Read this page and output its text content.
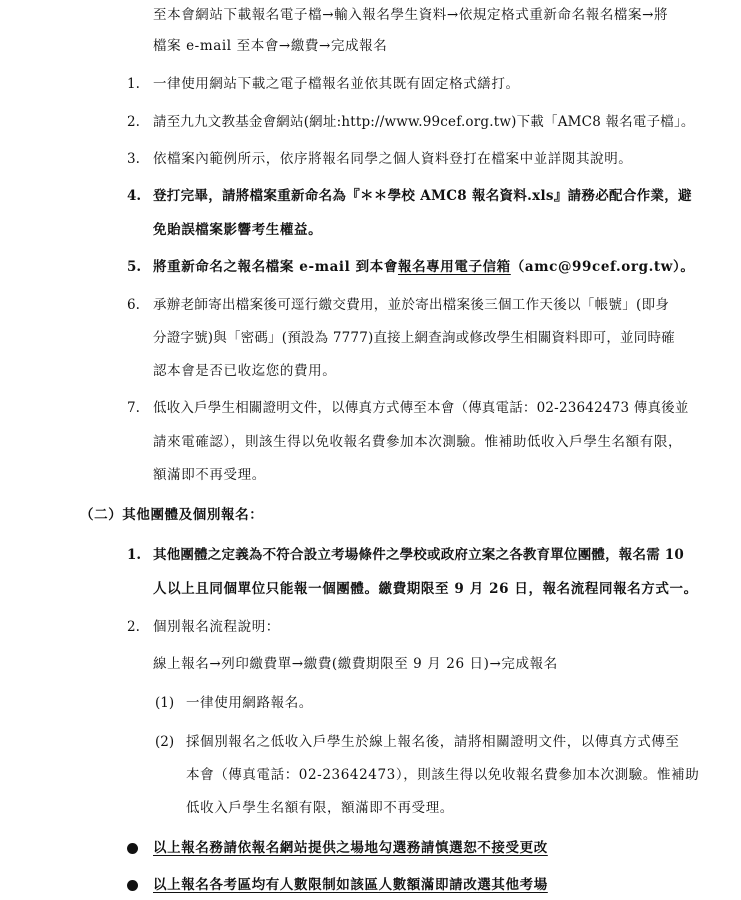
至本會網站下載報名電子檔→輸入報名學生資料→依規定格式重新命名報名檔案→將
檔案 e-mail 至本會→繳費→完成報名
1. 一律使用網站下載之電子檔報名並依其既有固定格式繕打。
2. 請至九九文教基金會網站(網址:http://www.99cef.org.tw)下載「AMC8 報名電子檔」。
3. 依檔案內範例所示，依序將報名同學之個人資料登打在檔案中並詳閱其說明。
4. 登打完畢，請將檔案重新命名為『＊＊學校 AMC8 報名資料.xls』請務必配合作業，避
免貽誤檔案影響考生權益。
5. 將重新命名之報名檔案 e-mail 到本會報名專用電子信箱（amc@99cef.org.tw）。
6. 承辦老師寄出檔案後可逕行繳交費用，並於寄出檔案後三個工作天後以「帳號」(即身
分證字號)與「密碼」(預設為 7777)直接上網查詢或修改學生相關資料即可，並同時確
認本會是否已收迄您的費用。
7. 低收入戶學生相關證明文件，以傳真方式傳至本會（傳真電話：02-23642473 傳真後並
請來電確認），則該生得以免收報名費參加本次測驗。惟補助低收入戶學生名額有限，
額滿即不再受理。
（二）其他團體及個別報名：
1. 其他團體之定義為不符合設立考場條件之學校或政府立案之各教育單位團體，報名需 10
人以上且同個單位只能報一個團體。繳費期限至 9 月 26 日，報名流程同報名方式一。
2. 個別報名流程說明：
線上報名→列印繳費單→繳費(繳費期限至 9 月 26 日)→完成報名
(1) 一律使用網路報名。
(2) 採個別報名之低收入戶學生於線上報名後，請將相關證明文件，以傳真方式傳至
本會（傳真電話：02-23642473），則該生得以免收報名費參加本次測驗。惟補助
低收入戶學生名額有限，額滿即不再受理。
以上報名務請依報名網站提供之場地勾選務請慎選恕不接受更改
以上報名各考區均有人數限制如該區人數額滿即請改選其他考場
